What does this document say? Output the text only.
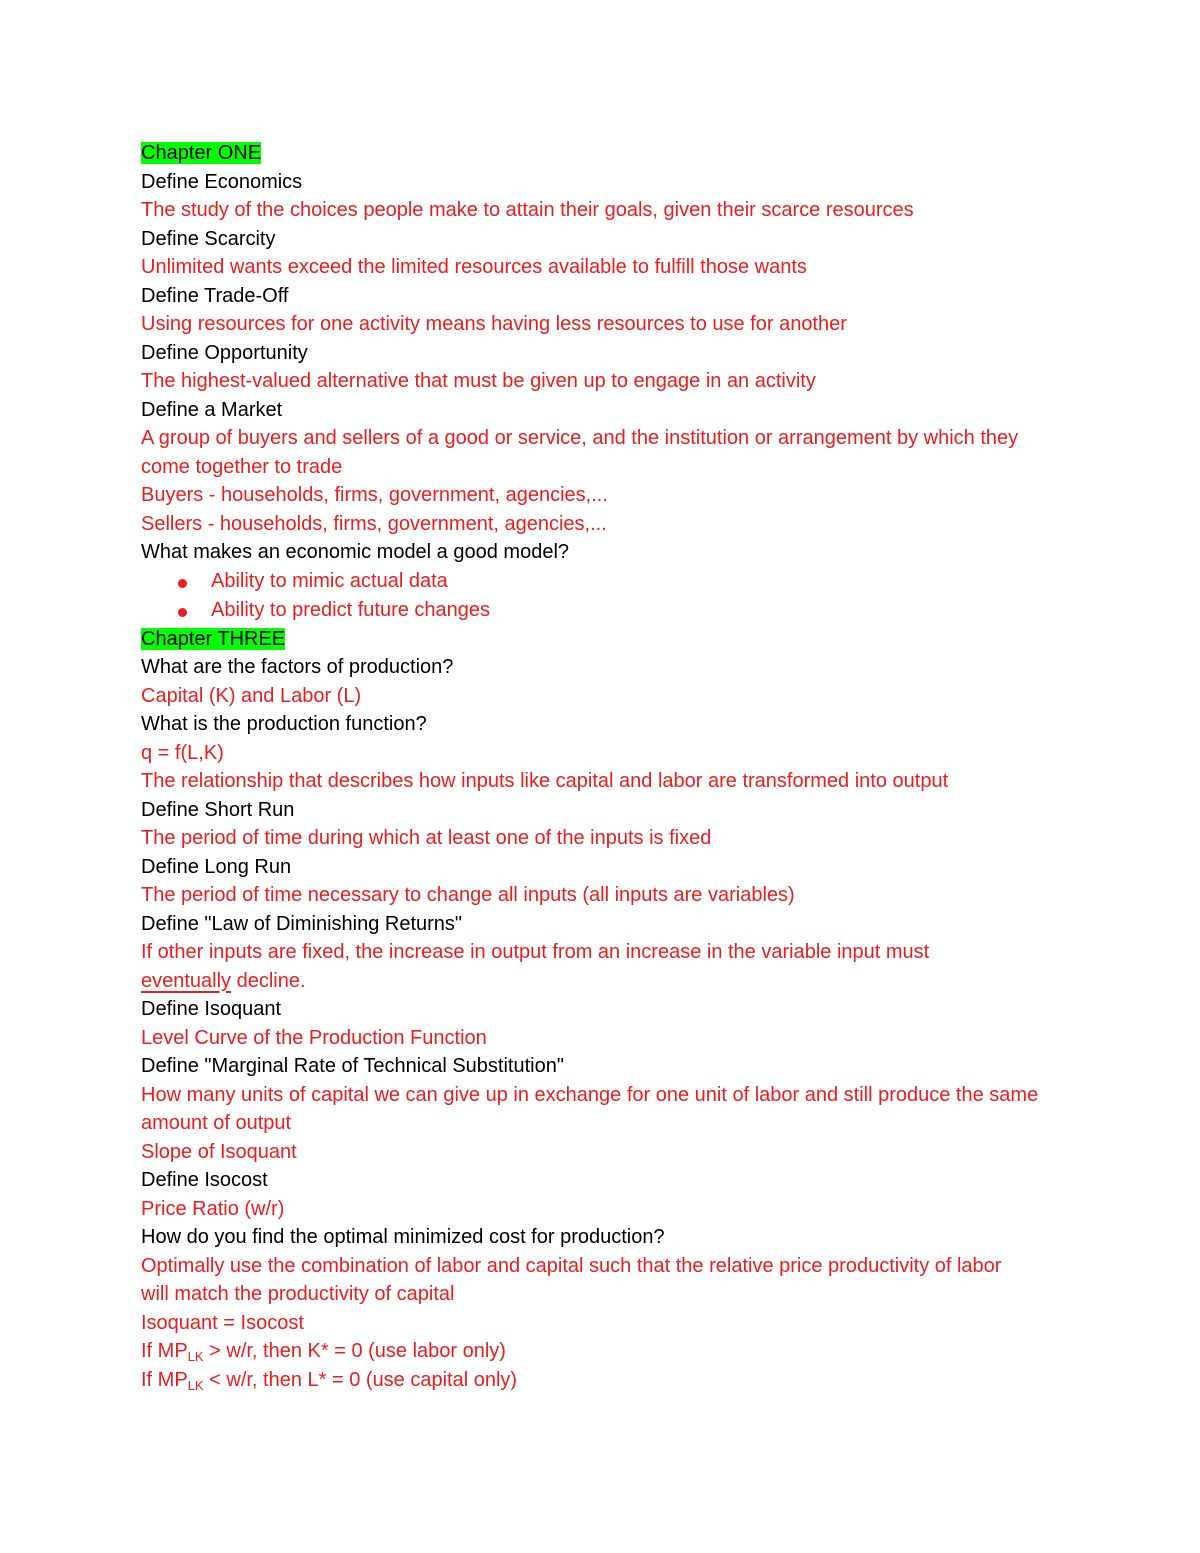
Chapter ONE

Define Economics

The study of the choices people make to attain their goals, given their scarce resources

Define Scarcity

Unlimited wants exceed the limited resources available to fulfill those wants

Define Trade-Off

Using resources for one activity means having less resources to use for another

Define Opportunity

The highest-valued alternative that must be given up to engage in an activity

Define a Market

A group of buyers and sellers of a good or service, and the institution or arrangement by which they come together to trade

Buyers - households, firms, government, agencies,...

Sellers - households, firms, government, agencies,...

What makes an economic model a good model?

Ability to mimic actual data
Ability to predict future changes

Chapter THREE

What are the factors of production?

Capital (K) and Labor (L)

What is the production function?

q = f(L,K)

The relationship that describes how inputs like capital and labor are transformed into output

Define Short Run

The period of time during which at least one of the inputs is fixed

Define Long Run

The period of time necessary to change all inputs (all inputs are variables)

Define "Law of Diminishing Returns"

If other inputs are fixed, the increase in output from an increase in the variable input must

eventually decline.

Define Isoquant

Level Curve of the Production Function

Define "Marginal Rate of Technical Substitution"

How many units of capital we can give up in exchange for one unit of labor and still produce the same amount of output

Slope of Isoquant

Define Isocost

Price Ratio (w/r)

How do you find the optimal minimized cost for production?

Optimally use the combination of labor and capital such that the relative price productivity of labor will match the productivity of capital

Isoquant = Isocost

If $MP_{LK} > w/r$, then K* = 0 (use labor only)

If $MP_{LK} < w/r$, then L* = 0 (use capital only)
